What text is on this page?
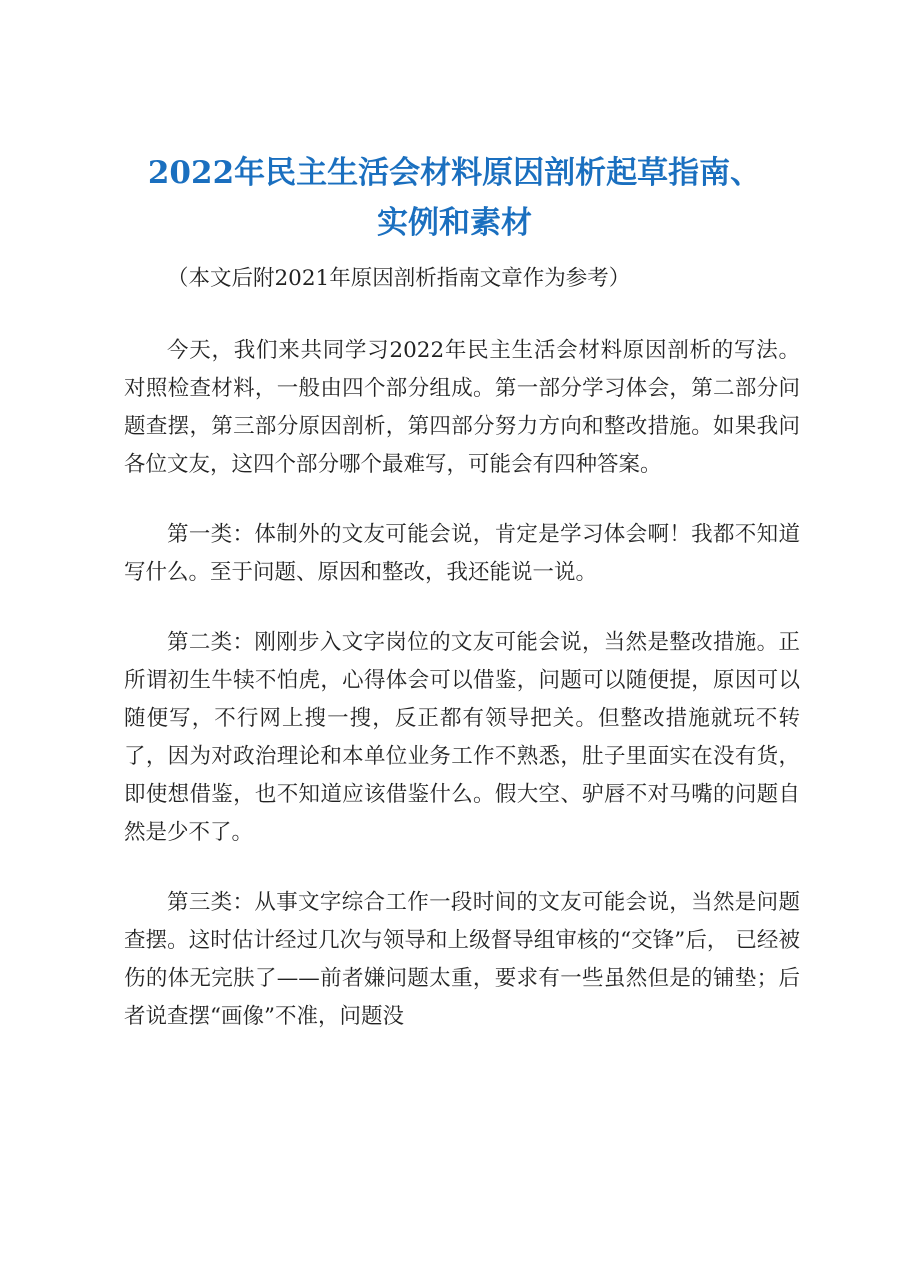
2022年民主生活会材料原因剖析起草指南、
实例和素材

（本文后附2021年原因剖析指南文章作为参考）

今天，我们来共同学习2022年民主生活会材料原因剖析的写法。对照检查材料，一般由四个部分组成。第一部分学习体会，第二部分问题查摆，第三部分原因剖析，第四部分努力方向和整改措施。如果我问各位文友，这四个部分哪个最难写，可能会有四种答案。

第一类：体制外的文友可能会说，肯定是学习体会啊！我都不知道写什么。至于问题、原因和整改，我还能说一说。

第二类：刚刚步入文字岗位的文友可能会说，当然是整改措施。正所谓初生牛犊不怕虎，心得体会可以借鉴，问题可以随便提，原因可以随便写，不行网上搜一搜，反正都有领导把关。但整改措施就玩不转了，因为对政治理论和本单位业务工作不熟悉，肚子里面实在没有货，即使想借鉴，也不知道应该借鉴什么。假大空、驴唇不对马嘴的问题自然是少不了。

第三类：从事文字综合工作一段时间的文友可能会说，当然是问题查摆。这时估计经过几次与领导和上级督导组审核的“交锋”后， 已经被伤的体无完肤了——前者嫌问题太重，要求有一些虽然但是的铺垫；后者说查摆“画像”不准，问题没
